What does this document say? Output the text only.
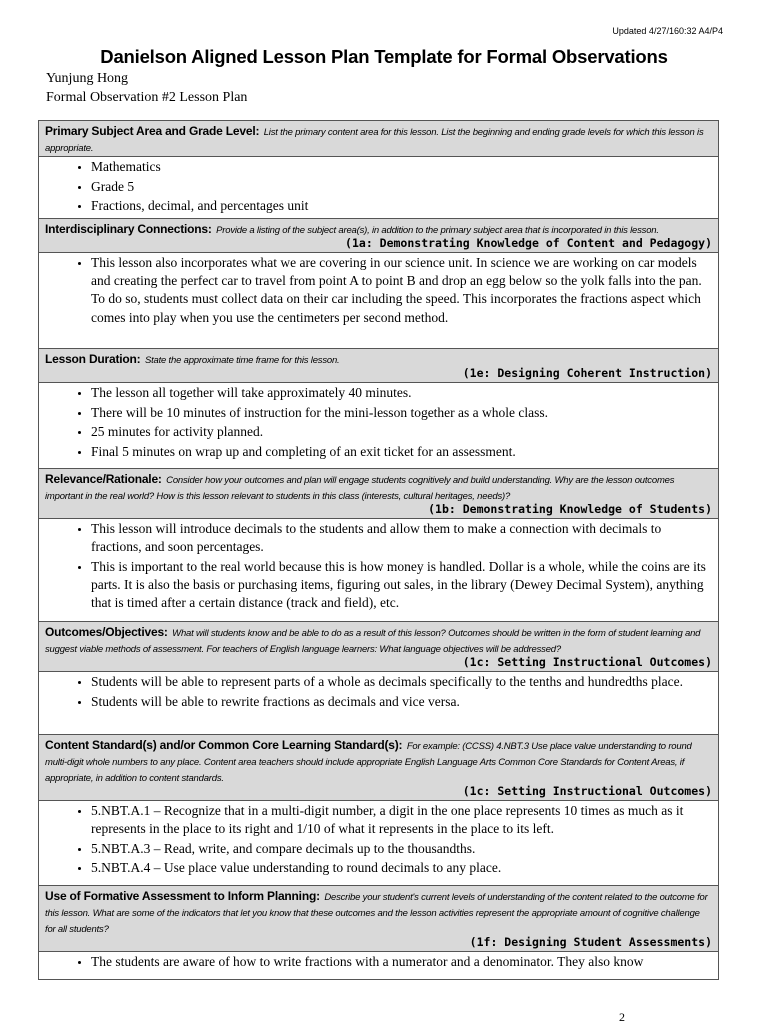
Updated 4/27/160:32 A4/P4
Danielson Aligned Lesson Plan Template for Formal Observations
Yunjung Hong
Formal Observation #2 Lesson Plan
Primary Subject Area and Grade Level: List the primary content area for this lesson. List the beginning and ending grade levels for which this lesson is appropriate.
• Mathematics
• Grade 5
• Fractions, decimal, and percentages unit
Interdisciplinary Connections: Provide a listing of the subject area(s), in addition to the primary subject area that is incorporated in this lesson.
(1a: Demonstrating Knowledge of Content and Pedagogy)
• This lesson also incorporates what we are covering in our science unit. In science we are working on car models and creating the perfect car to travel from point A to point B and drop an egg below so the yolk falls into the pan. To do so, students must collect data on their car including the speed. This incorporates the fractions aspect which comes into play when you use the centimeters per second method.
Lesson Duration: State the approximate time frame for this lesson.
(1e: Designing Coherent Instruction)
• The lesson all together will take approximately 40 minutes.
• There will be 10 minutes of instruction for the mini-lesson together as a whole class.
• 25 minutes for activity planned.
• Final 5 minutes on wrap up and completing of an exit ticket for an assessment.
Relevance/Rationale: Consider how your outcomes and plan will engage students cognitively and build understanding. Why are the lesson outcomes important in the real world? How is this lesson relevant to students in this class (interests, cultural heritages, needs)?
(1b: Demonstrating Knowledge of Students)
• This lesson will introduce decimals to the students and allow them to make a connection with decimals to fractions, and soon percentages.
• This is important to the real world because this is how money is handled. Dollar is a whole, while the coins are its parts. It is also the basis or purchasing items, figuring out sales, in the library (Dewey Decimal System), anything that is timed after a certain distance (track and field), etc.
Outcomes/Objectives: What will students know and be able to do as a result of this lesson? Outcomes should be written in the form of student learning and suggest viable methods of assessment. For teachers of English language learners: What language objectives will be addressed?
(1c: Setting Instructional Outcomes)
• Students will be able to represent parts of a whole as decimals specifically to the tenths and hundredths place.
• Students will be able to rewrite fractions as decimals and vice versa.
Content Standard(s) and/or Common Core Learning Standard(s): For example: (CCSS) 4.NBT.3 Use place value understanding to round multi-digit whole numbers to any place. Content area teachers should include appropriate English Language Arts Common Core Standards for Content Areas, if appropriate, in addition to content standards.
(1c: Setting Instructional Outcomes)
• 5.NBT.A.1 – Recognize that in a multi-digit number, a digit in the one place represents 10 times as much as it represents in the place to its right and 1/10 of what it represents in the place to its left.
• 5.NBT.A.3 – Read, write, and compare decimals up to the thousandths.
• 5.NBT.A.4 – Use place value understanding to round decimals to any place.
Use of Formative Assessment to Inform Planning: Describe your student's current levels of understanding of the content related to the outcome for this lesson. What are some of the indicators that let you know that these outcomes and the lesson activities represent the appropriate amount of cognitive challenge for all students?
(1f: Designing Student Assessments)
• The students are aware of how to write fractions with a numerator and a denominator. They also know
2
